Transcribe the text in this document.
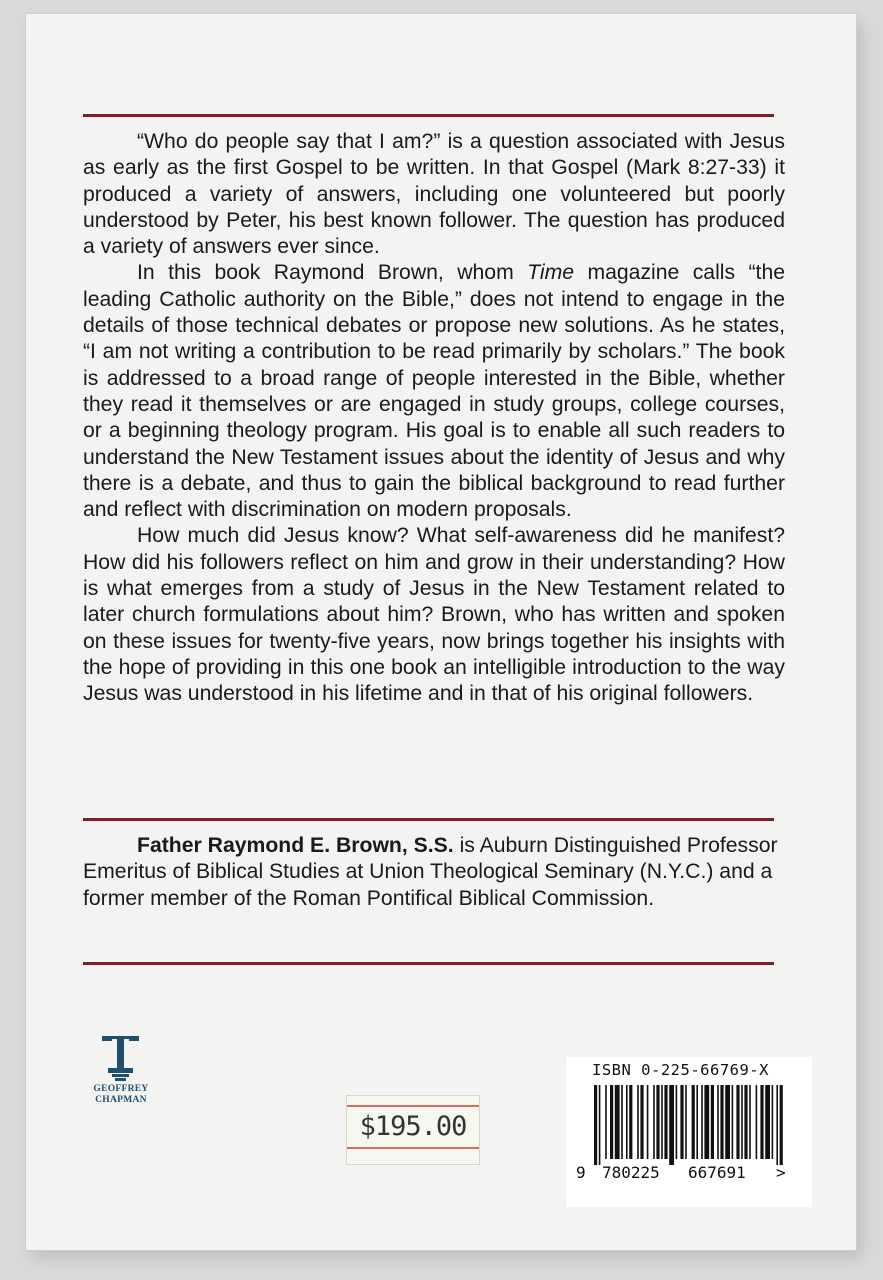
“Who do people say that I am?” is a question associated with Jesus as early as the first Gospel to be written. In that Gospel (Mark 8:27-33) it produced a variety of answers, including one volunteered but poorly understood by Peter, his best known follower. The question has produced a variety of answers ever since.

In this book Raymond Brown, whom Time magazine calls “the leading Catholic authority on the Bible,” does not intend to engage in the details of those technical debates or propose new solutions. As he states, “I am not writing a contribution to be read primarily by scholars.” The book is addressed to a broad range of people interested in the Bible, whether they read it themselves or are engaged in study groups, college courses, or a beginning theology program. His goal is to enable all such readers to understand the New Testament issues about the identity of Jesus and why there is a debate, and thus to gain the biblical background to read further and reflect with discrimination on modern proposals.

How much did Jesus know? What self-awareness did he manifest? How did his followers reflect on him and grow in their understanding? How is what emerges from a study of Jesus in the New Testament related to later church formulations about him? Brown, who has written and spoken on these issues for twenty-five years, now brings together his insights with the hope of providing in this one book an intelligible introduction to the way Jesus was understood in his lifetime and in that of his original followers.

Father Raymond E. Brown, S.S. is Auburn Distinguished Professor Emeritus of Biblical Studies at Union Theological Seminary (N.Y.C.) and a former member of the Roman Pontifical Biblical Commission.

GEOFFREY
CHAPMAN
$195.00
ISBN 0-225-66769-X
9 780225 667691 >
